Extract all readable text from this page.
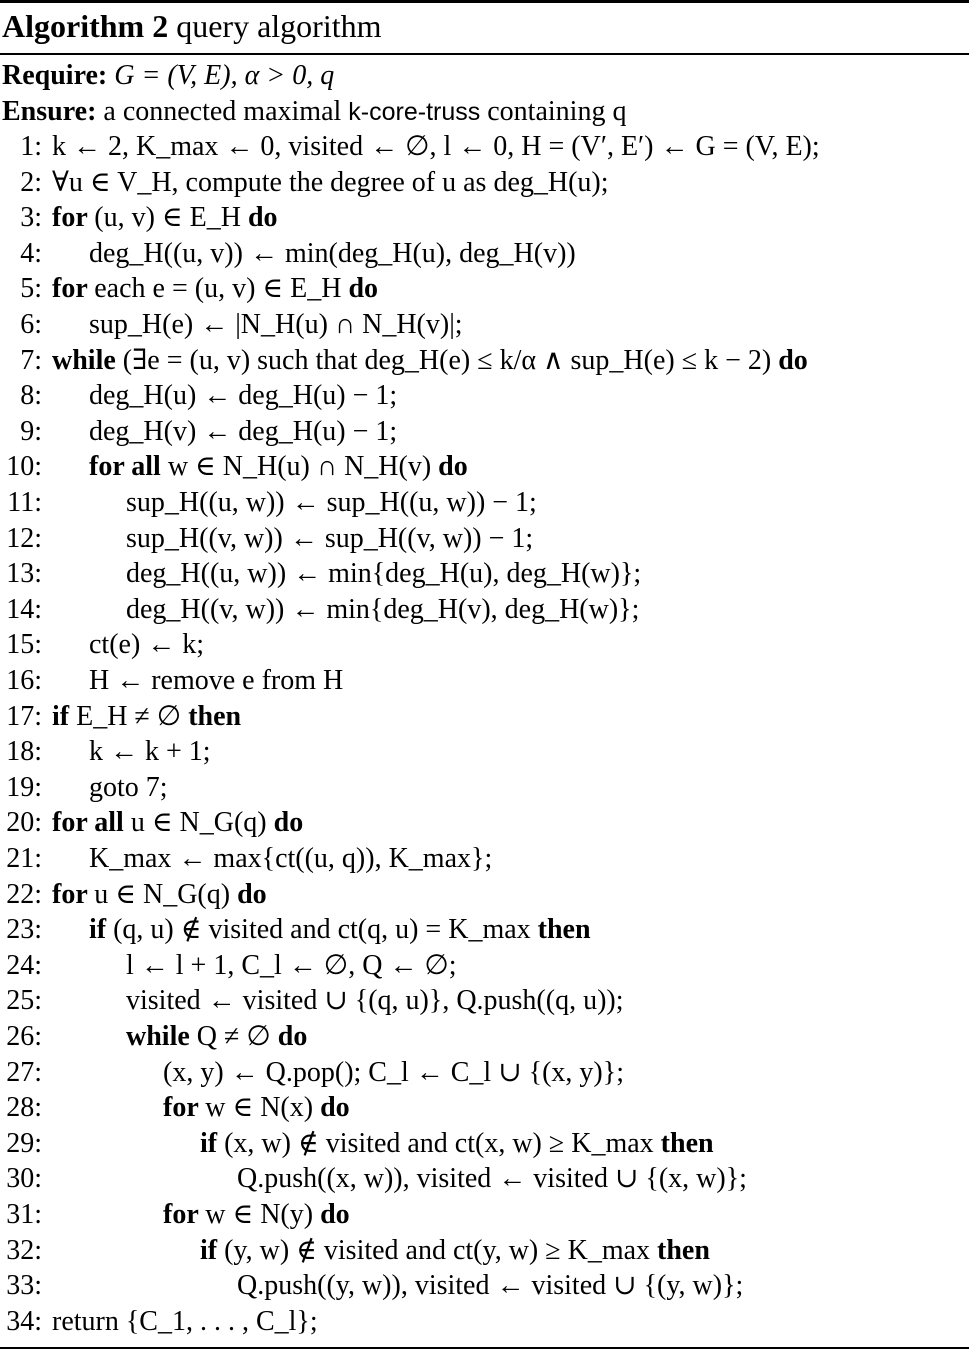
Algorithm 2 query algorithm
Require: G = (V, E), α > 0, q
Ensure: a connected maximal k-core-truss containing q
1: k ← 2, K_max ← 0, visited ← ∅, l ← 0, H = (V′, E′) ← G = (V, E);
2: ∀u ∈ V_H, compute the degree of u as deg_H(u);
3: for (u, v) ∈ E_H do
4: deg_H((u, v)) ← min(deg_H(u), deg_H(v))
5: for each e = (u, v) ∈ E_H do
6: sup_H(e) ← |N_H(u) ∩ N_H(v)|;
7: while (∃e = (u, v) such that deg_H(e) ≤ k/α ∧ sup_H(e) ≤ k − 2) do
8: deg_H(u) ← deg_H(u) − 1;
9: deg_H(v) ← deg_H(u) − 1;
10: for all w ∈ N_H(u) ∩ N_H(v) do
11:	sup_H((u, w)) ← sup_H((u, w)) − 1;
12:	sup_H((v, w)) ← sup_H((v, w)) − 1;
13:	deg_H((u, w)) ← min{deg_H(u), deg_H(w)};
14:	deg_H((v, w)) ← min{deg_H(v), deg_H(w)};
15: ct(e) ← k;
16: H ← remove e from H
17: if E_H ≠ ∅ then
18: k ← k + 1;
19: goto 7;
20: for all u ∈ N_G(q) do
21: K_max ← max{ct((u, q)), K_max};
22: for u ∈ N_G(q) do
23: if (q, u) ∉ visited and ct(q, u) = K_max then
24:	l ← l + 1, C_l ← ∅, Q ← ∅;
25:	visited ← visited ∪ {(q, u)}, Q.push((q, u));
26:	while Q ≠ ∅ do
27:	(x, y) ← Q.pop(); C_l ← C_l ∪ {(x, y)};
28:	for w ∈ N(x) do
29:	if (x, w) ∉ visited and ct(x, w) ≥ K_max then
30:	Q.push((x, w)), visited ← visited ∪ {(x, w)};
31:	for w ∈ N(y) do
32:	if (y, w) ∉ visited and ct(y, w) ≥ K_max then
33:	Q.push((y, w)), visited ← visited ∪ {(y, w)};
34: return {C_1, . . . , C_l};
